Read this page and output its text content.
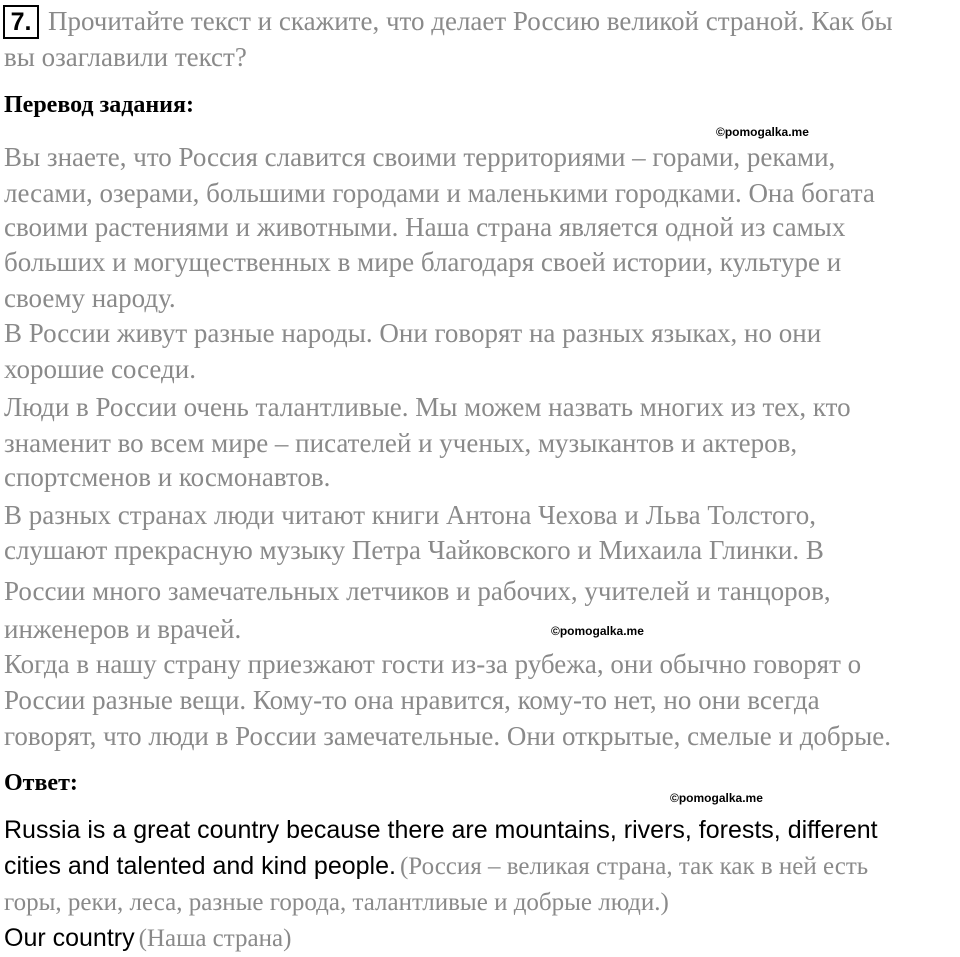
7. Прочитайте текст и скажите, что делает Россию великой страной. Как бы
вы озаглавили текст?
Перевод задания:
©pomogalka.me
Вы знаете, что Россия славится своими территориями – горами, реками,
лесами, озерами, большими городами и маленькими городками. Она богата
своими растениями и животными. Наша страна является одной из самых
больших и могущественных в мире благодаря своей истории, культуре и
своему народу.
В России живут разные народы. Они говорят на разных языках, но они
хорошие соседи.
Люди в России очень талантливые. Мы можем назвать многих из тех, кто
знаменит во всем мире – писателей и ученых, музыкантов и актеров,
спортсменов и космонавтов.
В разных странах люди читают книги Антона Чехова и Льва Толстого,
слушают прекрасную музыку Петра Чайковского и Михаила Глинки. В
России много замечательных летчиков и рабочих, учителей и танцоров,
инженеров и врачей.
Когда в нашу страну приезжают гости из-за рубежа, они обычно говорят о
России разные вещи. Кому-то она нравится, кому-то нет, но они всегда
говорят, что люди в России замечательные. Они открытые, смелые и добрые.
©pomogalka.me
Ответ:
©pomogalka.me
Russia is a great country because there are mountains, rivers, forests, different
cities and talented and kind people. (Россия – великая страна, так как в ней есть
горы, реки, леса, разные города, талантливые и добрые люди.)
Our country (Наша страна)
